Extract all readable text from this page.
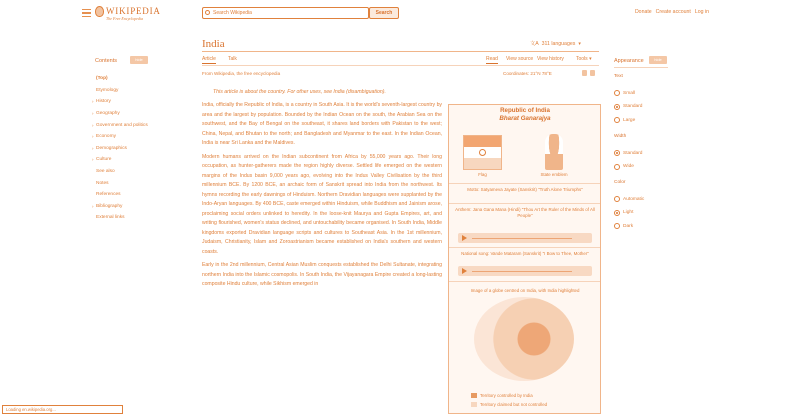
WIKIPEDIA
The Free Encyclopedia
Search Wikipedia
Search	Donate Create account Log in
Contents	hide
(Top)
Etymology
› History
› Geography
› Government and politics
› Economy
› Demographics
› Culture
See also
Notes
References
› Bibliography
External links
India	文A 311 languages ▾
Article Talk	Read View source View history Tools ▾
From Wikipedia, the free encyclopedia	Coordinates: 21°N 78°E
This article is about the country. For other uses, see India (disambiguation).

India, officially the Republic of India, is a country in South Asia. It is the world's seventh-largest country by area and the largest by population. Bounded by the Indian Ocean on the south, the Arabian Sea on the southwest, and the Bay of Bengal on the southeast, it shares land borders with Pakistan to the west; China, Nepal, and Bhutan to the north; and Bangladesh and Myanmar to the east. In the Indian Ocean, India is near Sri Lanka and the Maldives.

Modern humans arrived on the Indian subcontinent from Africa by 55,000 years ago. Their long occupation, as hunter-gatherers made the region highly diverse. Settled life emerged on the western margins of the Indus basin 9,000 years ago, evolving into the Indus Valley Civilisation by the third millennium BCE. By 1200 BCE, an archaic form of Sanskrit spread into India from the northwest. Its hymns recording the early dawnings of Hinduism. Northern Dravidian languages were supplanted by the Indo-Aryan languages. By 400 BCE, caste emerged within Hinduism, while Buddhism and Jainism arose, proclaiming social orders unlinked to heredity. In the loose-knit Maurya and Gupta Empires, art, and writing flourished, women's status declined, and untouchability became organised. In South India, Middle kingdoms exported Dravidian language scripts and cultures to Southeast Asia. In the 1st millennium, Judaism, Christianity, Islam and Zoroastrianism became established on India's southern and western coasts.

Early in the 2nd millennium, Central Asian Muslim conquests established the Delhi Sultanate, integrating northern India into the Islamic cosmopolis. In South India, the Vijayanagara Empire created a long-lasting composite Hindu culture, while Sikhism emerged in

Republic of India
Bharat Ganarajya
Flag	State emblem
Motto: Satyameva Jayate (Sanskrit) "Truth Alone Triumphs"
Anthem: Jana Gana Mana (Hindi) "Thou Art the Ruler of the Minds of All People"
National song: Vande Mataram (Sanskrit) "I Bow to Thee, Mother"
Image of a globe centred on India, with India highlighted
Territory controlled by India
Territory claimed but not controlled
Appearance	hide
Text
Small
Standard
Large
Width
Standard
Wide
Color
Automatic
Light
Dark
Loading en.wikipedia.org...
